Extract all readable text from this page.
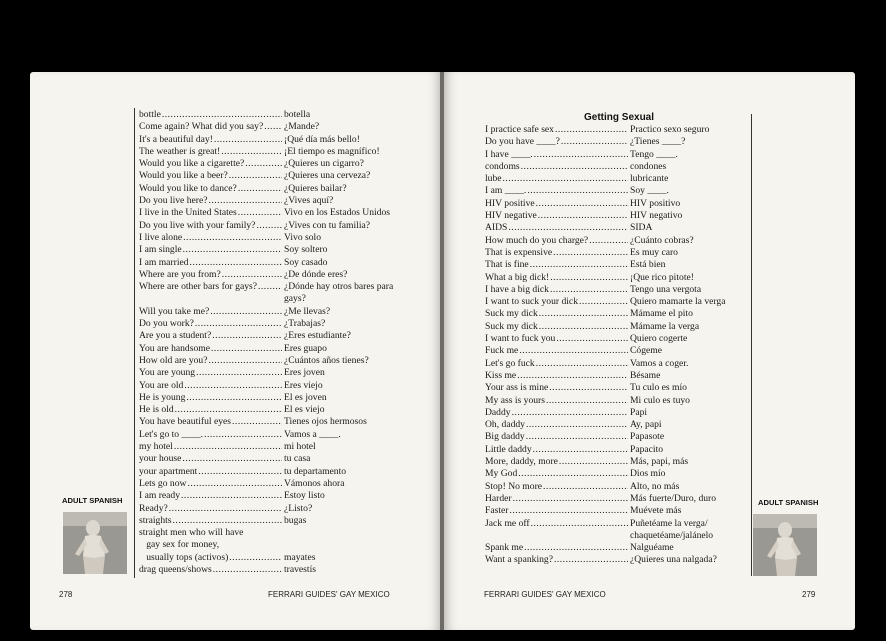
bottle .....	botella
Come again? What did you say? ..... ¿Mande?
It's a beautiful day! .....	¡Qué día más bello!
The weather is great! .....	¡El tiempo es magnífico!
Would you like a cigarette? .....	¿Quieres un cigarro?
Would you like a beer? .....	¿Quieres una cerveza?
Would you like to dance? .....	¿Quieres bailar?
Do you live here? .....	¿Vives aquí?
I live in the United States .....	Vivo en los Estados Unidos
Do you live with your family? .....	¿Vives con tu familia?
I live alone .....	Vivo solo
I am single .....	Soy soltero
I am married .....	Soy casado
Where are you from? .....	¿De dónde eres?
Where are other bars for gays? .....	¿Dónde hay otros bares para gays?
Will you take me? .....	¿Me llevas?
Do you work? .....	¿Trabajas?
Are you a student? .....	¿Eres estudiante?
You are handsome .....	Eres guapo
How old are you? .....	¿Cuántos años tienes?
You are young .....	Eres joven
You are old .....	Eres viejo
He is young .....	El es joven
He is old .....	El es viejo
You have beautiful eyes .....	Tienes ojos hermosos
Let's go to ____. .....	Vamos a ____.
my hotel .....	mi hotel
your house .....	tu casa
your apartment .....	tu departamento
Lets go now .....	Vámonos ahora
I am ready .....	Estoy listo
Ready? .....	¿Listo?
straights .....	bugas
straight men who will have
gay sex for money,
usually tops (activos) .....	mayates
drag queens/shows .....	travestís
ADULT SPANISH
278	FERRARI GUIDES' GAY MEXICO
Getting Sexual
I practice safe sex .....	Practico sexo seguro
Do you have ____? .....	¿Tienes ____?
I have ____. .....	Tengo ____.
condoms .....	condones
lube .....	lubricante
I am ____. .....	Soy ____.
HIV positive .....	HIV positivo
HIV negative .....	HIV negativo
AIDS .....	SIDA
How much do you charge? .....	¿Cuánto cobras?
That is expensive .....	Es muy caro
That is fine .....	Está bien
What a big dick! .....	¡Que rico pitote!
I have a big dick .....	Tengo una vergota
I want to suck your dick .....	Quiero mamarte la verga
Suck my dick .....	Mámame el pito
Suck my dick .....	Mámame la verga
I want to fuck you .....	Quiero cogerte
Fuck me .....	Cógeme
Let's go fuck .....	Vamos a coger.
Kiss me .....	Bésame
Your ass is mine .....	Tu culo es mío
My ass is yours .....	Mi culo es tuyo
Daddy .....	Papi
Oh, daddy .....	Ay, papi
Big daddy .....	Papasote
Little daddy .....	Papacito
More, daddy, more .....	Más, papi, más
My God .....	Dios mío
Stop! No more .....	Alto, no más
Harder .....	Más fuerte/Duro, duro
Faster .....	Muévete más
Jack me off .....	Puñetéame la verga/ chaquetéame/jalánelo
Spank me .....	Nalguéame
Want a spanking? .....	¿Quieres una nalgada?
ADULT SPANISH
FERRARI GUIDES' GAY MEXICO	279
